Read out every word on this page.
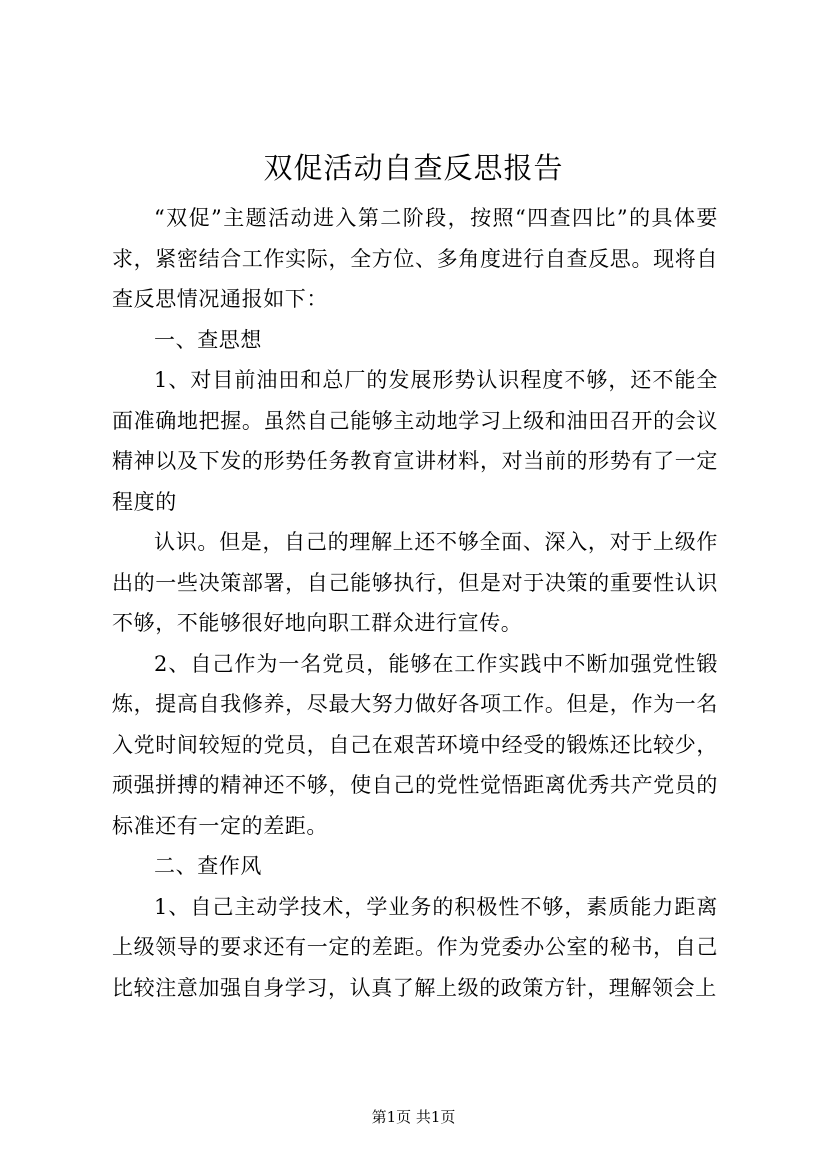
双促活动自查反思报告

“双促”主题活动进入第二阶段，按照“四查四比”的具体要求，紧密结合工作实际，全方位、多角度进行自查反思。现将自查反思情况通报如下：

一、查思想

1、对目前油田和总厂的发展形势认识程度不够，还不能全面准确地把握。虽然自己能够主动地学习上级和油田召开的会议精神以及下发的形势任务教育宣讲材料，对当前的形势有了一定程度的

认识。但是，自己的理解上还不够全面、深入，对于上级作出的一些决策部署，自己能够执行，但是对于决策的重要性认识不够，不能够很好地向职工群众进行宣传。

2、自己作为一名党员，能够在工作实践中不断加强党性锻炼，提高自我修养，尽最大努力做好各项工作。但是，作为一名入党时间较短的党员，自己在艰苦环境中经受的锻炼还比较少，顽强拼搏的精神还不够，使自己的党性觉悟距离优秀共产党员的标准还有一定的差距。

二、查作风

1、自己主动学技术，学业务的积极性不够，素质能力距离上级领导的要求还有一定的差距。作为党委办公室的秘书，自己比较注意加强自身学习，认真了解上级的政策方针，理解领会上

第1页 共1页
